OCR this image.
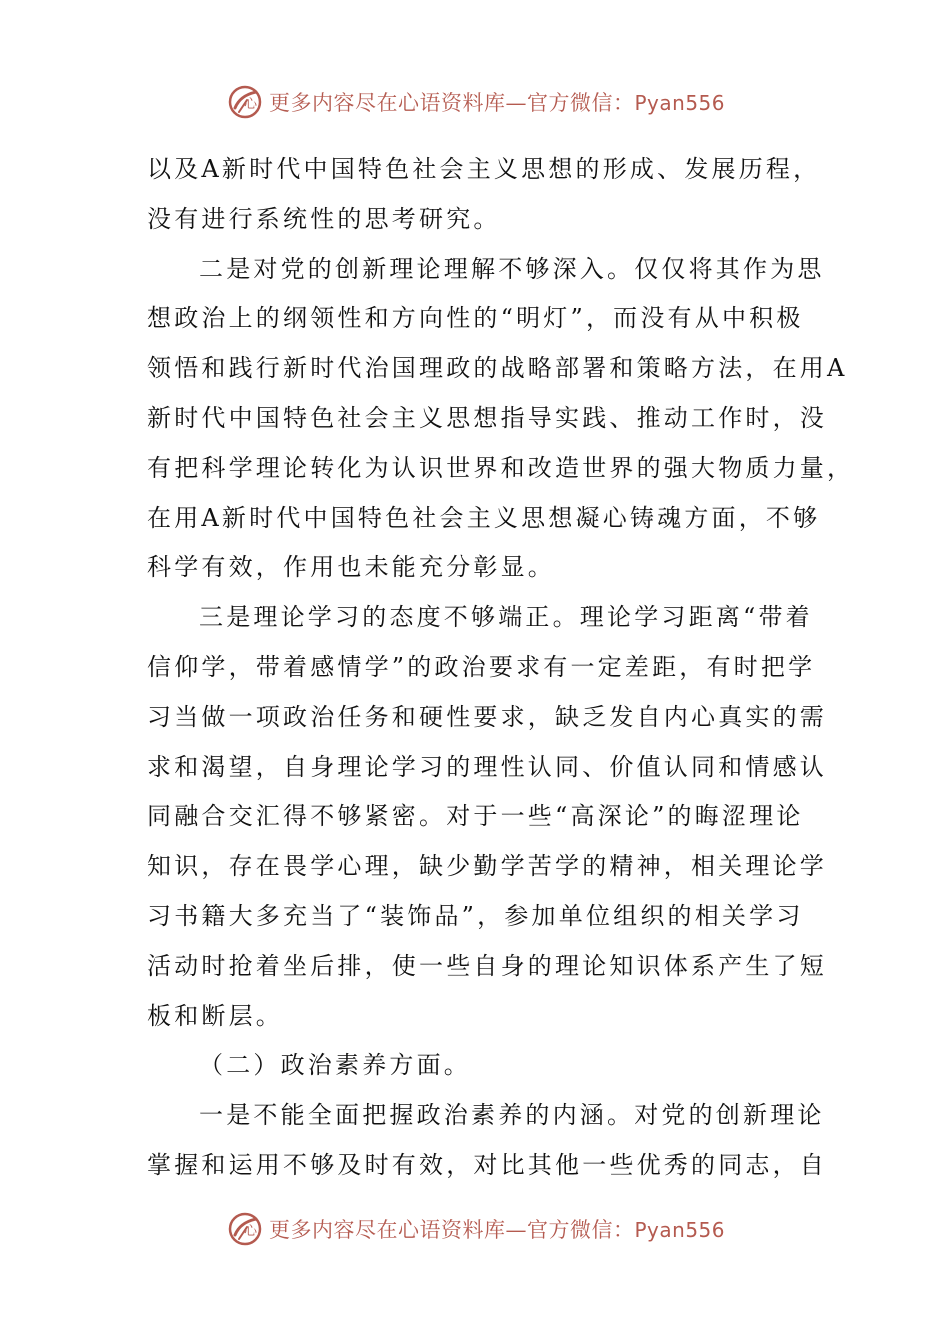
心 更多内容尽在心语资料库—官方微信：Pyan556
以及A新时代中国特色社会主义思想的形成、发展历程，
没有进行系统性的思考研究。
二是对党的创新理论理解不够深入。仅仅将其作为思
想政治上的纲领性和方向性的“明灯”，而没有从中积极
领悟和践行新时代治国理政的战略部署和策略方法，在用A
新时代中国特色社会主义思想指导实践、推动工作时，没
有把科学理论转化为认识世界和改造世界的强大物质力量，
在用A新时代中国特色社会主义思想凝心铸魂方面，不够
科学有效，作用也未能充分彰显。
三是理论学习的态度不够端正。理论学习距离“带着
信仰学，带着感情学”的政治要求有一定差距，有时把学
习当做一项政治任务和硬性要求，缺乏发自内心真实的需
求和渴望，自身理论学习的理性认同、价值认同和情感认
同融合交汇得不够紧密。对于一些“高深论”的晦涩理论
知识，存在畏学心理，缺少勤学苦学的精神，相关理论学
习书籍大多充当了“装饰品”，参加单位组织的相关学习
活动时抢着坐后排，使一些自身的理论知识体系产生了短
板和断层。
（二）政治素养方面。
一是不能全面把握政治素养的内涵。对党的创新理论
掌握和运用不够及时有效，对比其他一些优秀的同志，自
心 更多内容尽在心语资料库—官方微信：Pyan556
